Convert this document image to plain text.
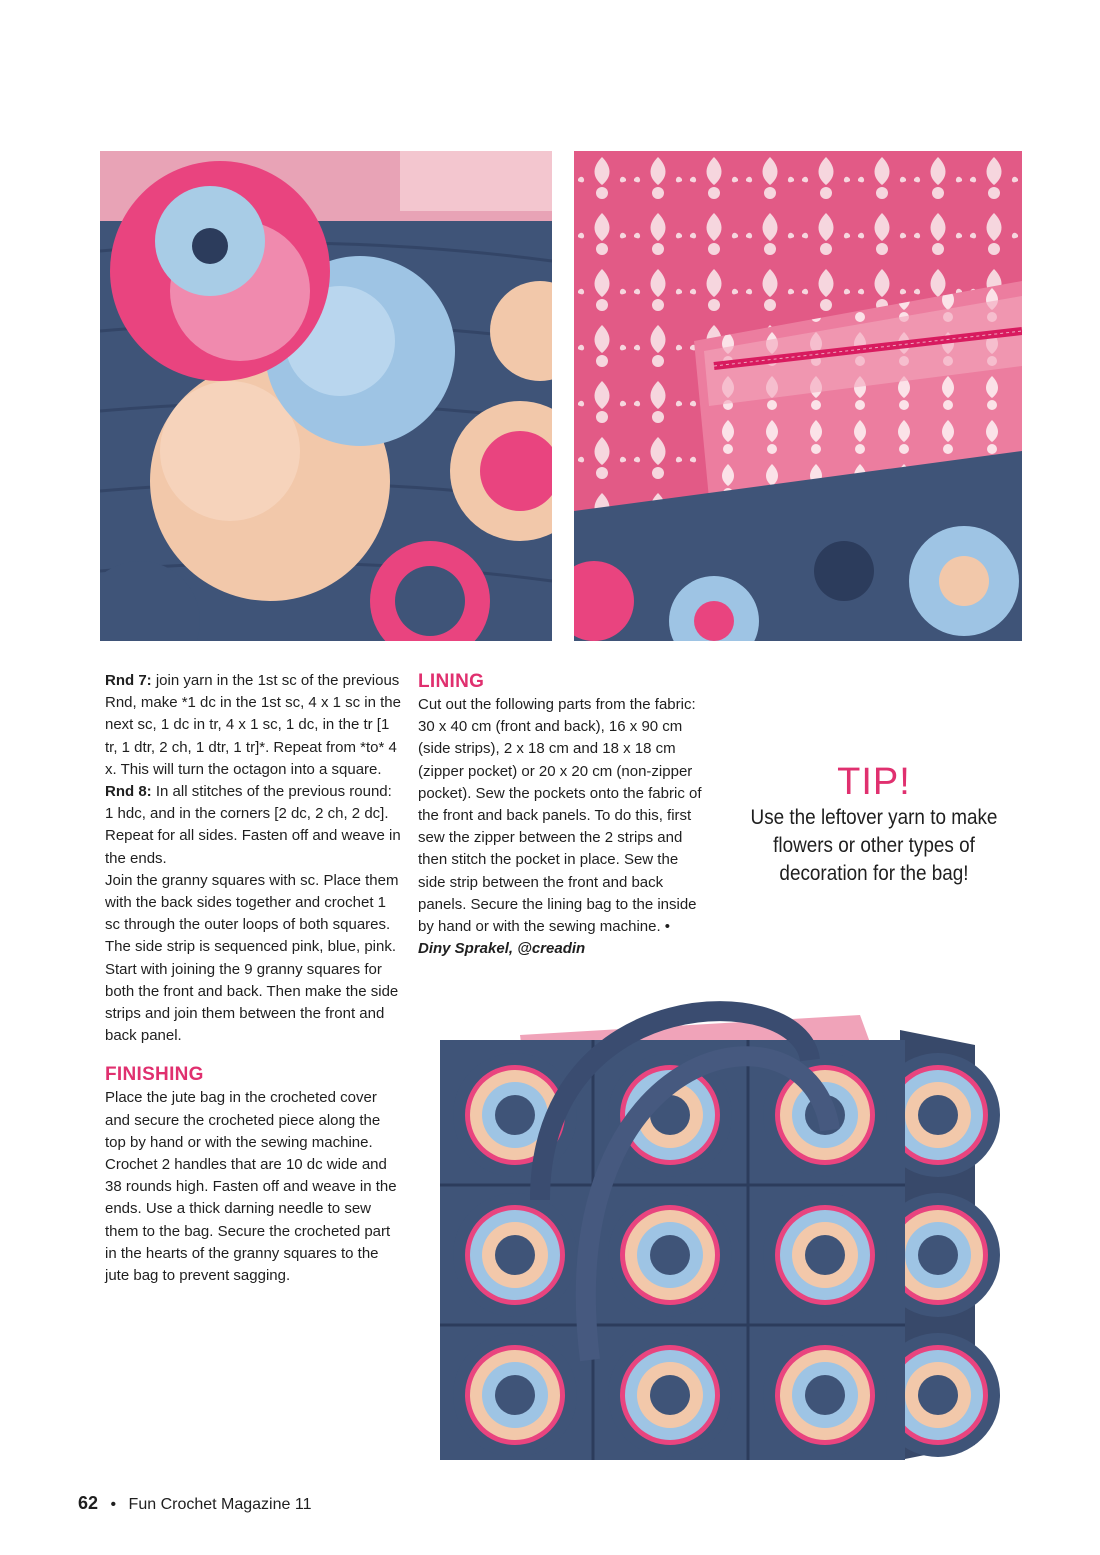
Rnd 7: join yarn in the 1st sc of the previous Rnd, make *1 dc in the 1st sc, 4 x 1 sc in the next sc, 1 dc in tr, 4 x 1 sc, 1 dc, in the tr [1 tr, 1 dtr, 2 ch, 1 dtr, 1 tr]*. Repeat from *to* 4 x. This will turn the octagon into a square.

Rnd 8: In all stitches of the previous round: 1 hdc, and in the corners [2 dc, 2 ch, 2 dc]. Repeat for all sides. Fasten off and weave in the ends.

Join the granny squares with sc. Place them with the back sides together and crochet 1 sc through the outer loops of both squares. The side strip is sequenced pink, blue, pink. Start with joining the 9 granny squares for both the front and back. Then make the side strips and join them between the front and back panel.

FINISHING

Place the jute bag in the crocheted cover and secure the crocheted piece along the top by hand or with the sewing machine. Crochet 2 handles that are 10 dc wide and 38 rounds high. Fasten off and weave in the ends. Use a thick darning needle to sew them to the bag. Secure the crocheted part in the hearts of the granny squares to the jute bag to prevent sagging.

LINING

Cut out the following parts from the fabric: 30 x 40 cm (front and back), 16 x 90 cm (side strips), 2 x 18 cm and 18 x 18 cm (zipper pocket) or 20 x 20 cm (non-zipper pocket). Sew the pockets onto the fabric of the front and back panels. To do this, first sew the zipper between the 2 strips and then stitch the pocket in place. Sew the side strip between the front and back panels. Secure the lining bag to the inside by hand or with the sewing machine. •

Diny Sprakel, @creadin

TIP!
Use the leftover yarn to make flowers or other types of decoration for the bag!
62 • Fun Crochet Magazine 11
